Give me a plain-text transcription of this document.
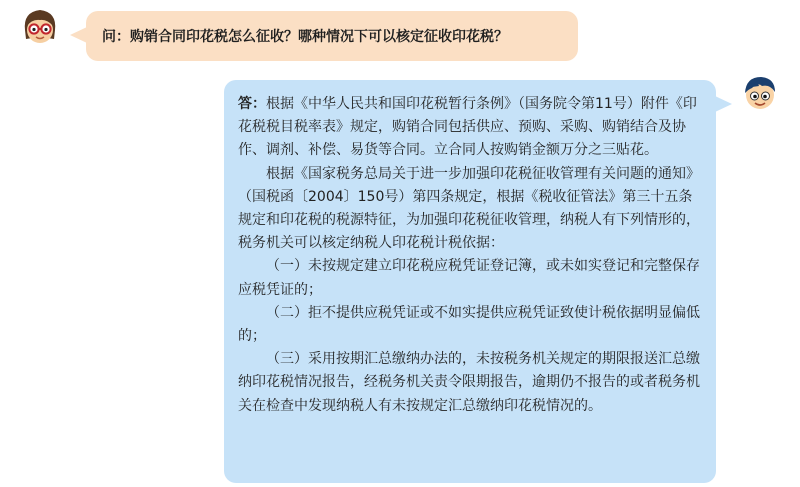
问：购销合同印花税怎么征收？哪种情况下可以核定征收印花税？

答：根据《中华人民共和国印花税暂行条例》（国务院令第11号）附件《印花税税目税率表》规定，购销合同包括供应、预购、采购、购销结合及协作、调剂、补偿、易货等合同。立合同人按购销金额万分之三贴花。

根据《国家税务总局关于进一步加强印花税征收管理有关问题的通知》（国税函〔2004〕150号）第四条规定，根据《税收征管法》第三十五条规定和印花税的税源特征，为加强印花税征收管理，纳税人有下列情形的，税务机关可以核定纳税人印花税计税依据：

（一）未按规定建立印花税应税凭证登记簿，或未如实登记和完整保存应税凭证的；

（二）拒不提供应税凭证或不如实提供应税凭证致使计税依据明显偏低的；

（三）采用按期汇总缴纳办法的，未按税务机关规定的期限报送汇总缴纳印花税情况报告，经税务机关责令限期报告，逾期仍不报告的或者税务机关在检查中发现纳税人有未按规定汇总缴纳印花税情况的。
